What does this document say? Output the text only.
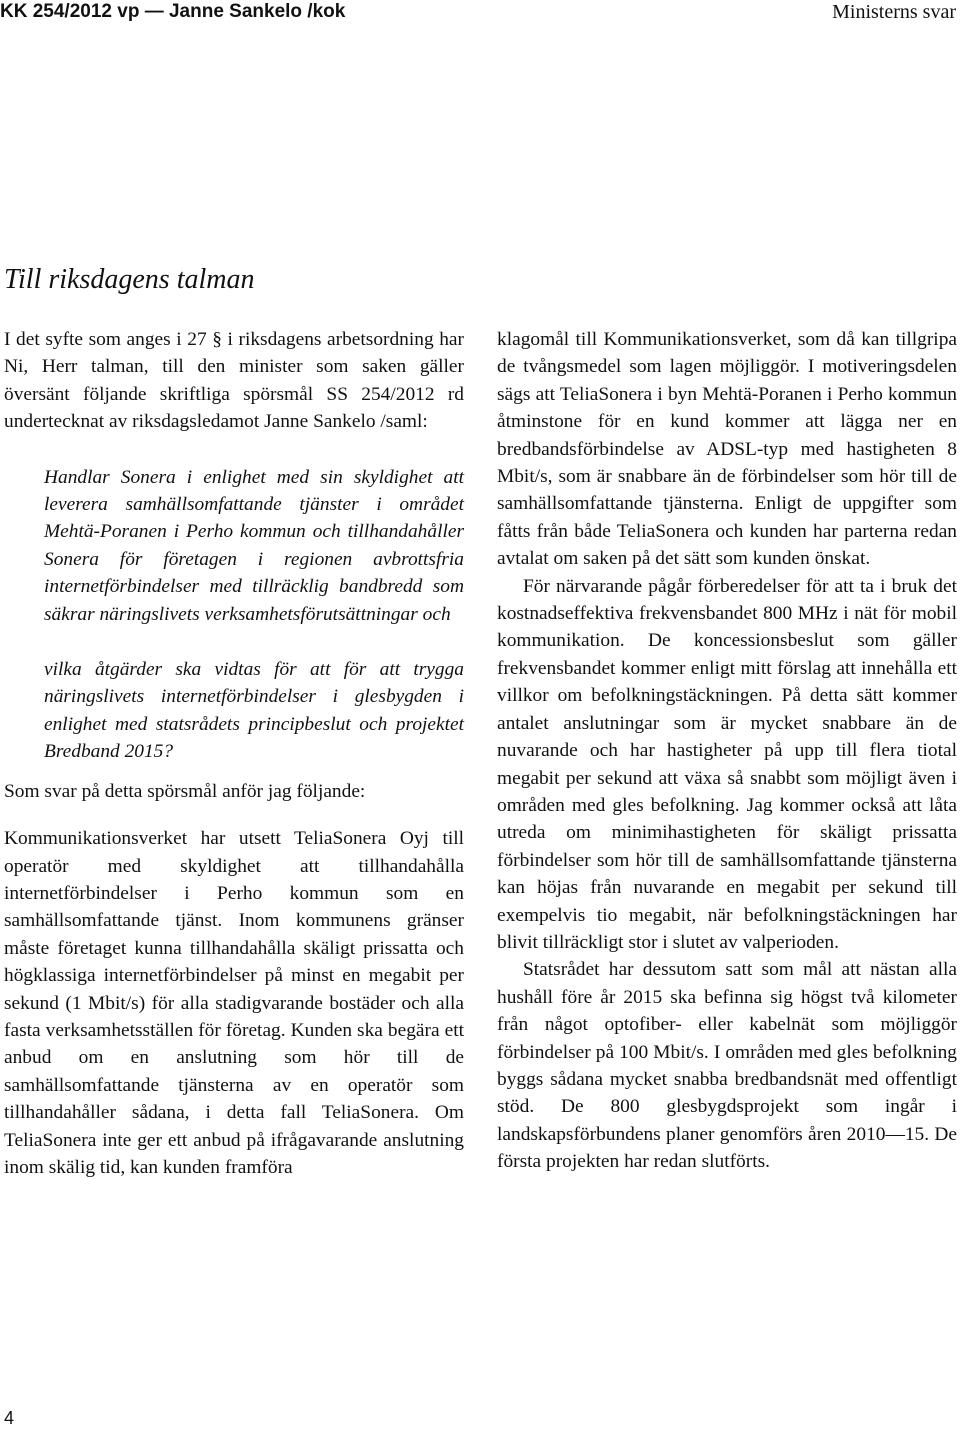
KK 254/2012 vp — Janne Sankelo /kok	Ministerns svar
Till riksdagens talman

I det syfte som anges i 27 § i riksdagens arbetsordning har Ni, Herr talman, till den minister som saken gäller översänt följande skriftliga spörsmål SS 254/2012 rd undertecknat av riksdagsledamot Janne Sankelo /saml:

Handlar Sonera i enlighet med sin skyldighet att leverera samhällsomfattande tjänster i området Mehtä-Poranen i Perho kommun och tillhandahåller Sonera för företagen i regionen avbrottsfria internetförbindelser med tillräcklig bandbredd som säkrar näringslivets verksamhetsförutsättningar och

vilka åtgärder ska vidtas för att för att trygga näringslivets internetförbindelser i glesbygden i enlighet med statsrådets principbeslut och projektet Bredband 2015?

Som svar på detta spörsmål anför jag följande:

Kommunikationsverket har utsett TeliaSonera Oyj till operatör med skyldighet att tillhandahålla internetförbindelser i Perho kommun som en samhällsomfattande tjänst. Inom kommunens gränser måste företaget kunna tillhandahålla skäligt prissatta och högklassiga internetförbindelser på minst en megabit per sekund (1 Mbit/s) för alla stadigvarande bostäder och alla fasta verksamhetsställen för företag. Kunden ska begära ett anbud om en anslutning som hör till de samhällsomfattande tjänsterna av en operatör som tillhandahåller sådana, i detta fall TeliaSonera. Om TeliaSonera inte ger ett anbud på ifrågavarande anslutning inom skälig tid, kan kunden framföra

klagomål till Kommunikationsverket, som då kan tillgripa de tvångsmedel som lagen möjliggör. I motiveringsdelen sägs att TeliaSonera i byn Mehtä-Poranen i Perho kommun åtminstone för en kund kommer att lägga ner en bredbandsförbindelse av ADSL-typ med hastigheten 8 Mbit/s, som är snabbare än de förbindelser som hör till de samhällsomfattande tjänsterna. Enligt de uppgifter som fåtts från både TeliaSonera och kunden har parterna redan avtalat om saken på det sätt som kunden önskat.

För närvarande pågår förberedelser för att ta i bruk det kostnadseffektiva frekvensbandet 800 MHz i nät för mobil kommunikation. De koncessionsbeslut som gäller frekvensbandet kommer enligt mitt förslag att innehålla ett villkor om befolkningstäckningen. På detta sätt kommer antalet anslutningar som är mycket snabbare än de nuvarande och har hastigheter på upp till flera tiotal megabit per sekund att växa så snabbt som möjligt även i områden med gles befolkning. Jag kommer också att låta utreda om minimihastigheten för skäligt prissatta förbindelser som hör till de samhällsomfattande tjänsterna kan höjas från nuvarande en megabit per sekund till exempelvis tio megabit, när befolkningstäckningen har blivit tillräckligt stor i slutet av valperioden.

Statsrådet har dessutom satt som mål att nästan alla hushåll före år 2015 ska befinna sig högst två kilometer från något optofiber- eller kabelnät som möjliggör förbindelser på 100 Mbit/s. I områden med gles befolkning byggs sådana mycket snabba bredbandsnät med offentligt stöd. De 800 glesbygdsprojekt som ingår i landskapsförbundens planer genomförs åren 2010—15. De första projekten har redan slutförts.

4
